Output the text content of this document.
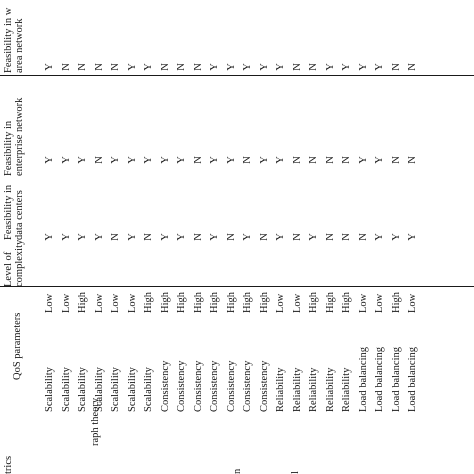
trics
QoS parameters
Level of complexity
Feasibility in data centers
Feasibility in enterprise network
Feasibility in w area network
raph theory
n	l
Scalability
Low
Y
Y
Y
Scalability
Low
Y
Y
N
Scalability
High
Y
Y
N
Scalability
Low
Y
N
N
Scalability
Low
N
Y
N
Scalability
Low
Y
Y
Y
Scalability
High
N
Y
Y
Consistency
High
Y
Y
N
Consistency
High
Y
Y
N
Consistency
High
N
N
N
Consistency
High
Y
Y
Y
Consistency
High
N
Y
Y
Consistency
High
Y
N
Y
Consistency
High
N
Y
Y
Reliability
Low
Y
Y
Y
Reliability
Low
N
N
N
Reliability
High
Y
N
N
Reliability
High
N
N
Y
Reliability
High
N
N
Y
Load balancing
Low
N
Y
Y
Load balancing
Low
Y
Y
Y
Load balancing
High
Y
N
N
Load balancing
Low
Y
N
N
